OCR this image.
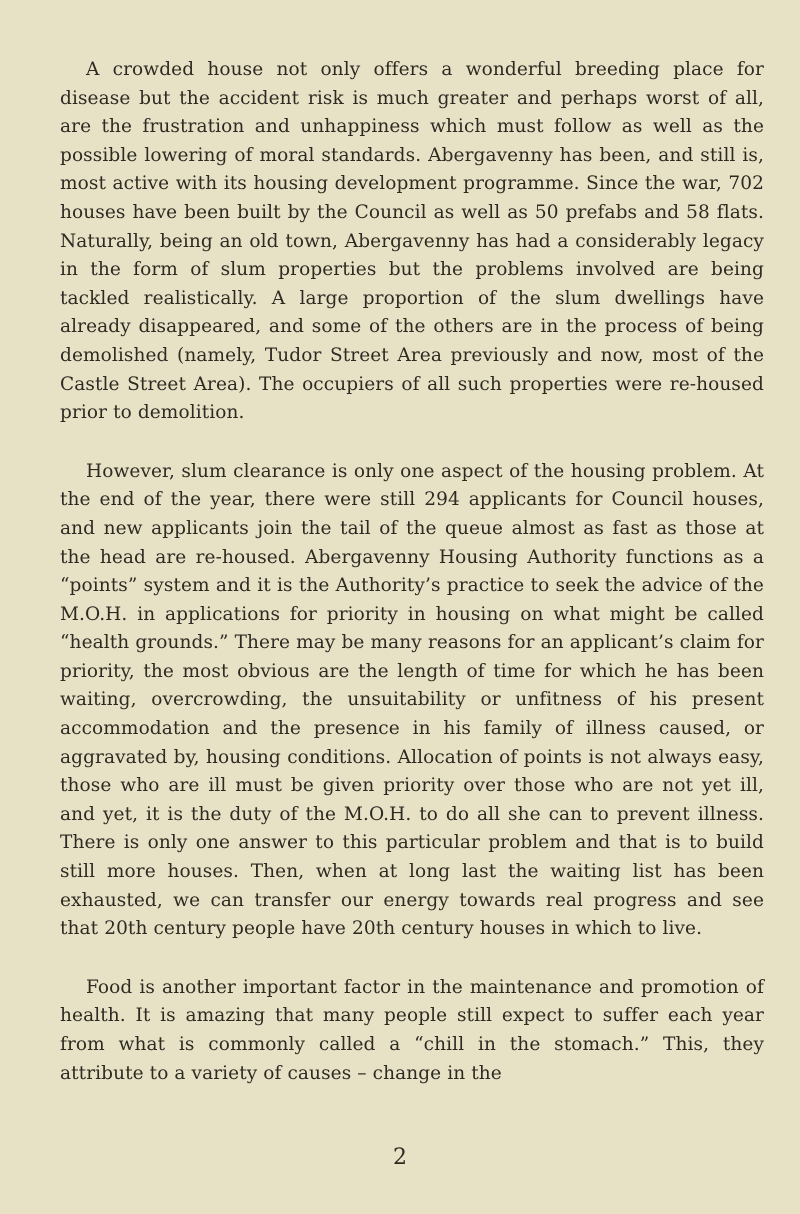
A crowded house not only offers a wonderful breeding place for disease but the accident risk is much greater and perhaps worst of all, are the frustration and unhappiness which must follow as well as the possible lowering of moral standards. Abergavenny has been, and still is, most active with its housing development programme. Since the war, 702 houses have been built by the Council as well as 50 prefabs and 58 flats. Naturally, being an old town, Abergavenny has had a considerably legacy in the form of slum properties but the problems involved are being tackled realistically. A large proportion of the slum dwellings have already disappeared, and some of the others are in the process of being demolished (namely, Tudor Street Area previously and now, most of the Castle Street Area). The occupiers of all such properties were re-housed prior to demolition.

However, slum clearance is only one aspect of the housing problem. At the end of the year, there were still 294 applicants for Council houses, and new applicants join the tail of the queue almost as fast as those at the head are re-housed. Abergavenny Housing Authority functions as a “points” system and it is the Authority’s practice to seek the advice of the M.O.H. in applications for priority in housing on what might be called “health grounds.” There may be many reasons for an applicant’s claim for priority, the most obvious are the length of time for which he has been waiting, overcrowding, the unsuitability or unfitness of his present accommodation and the presence in his family of illness caused, or aggravated by, housing conditions. Allocation of points is not always easy, those who are ill must be given priority over those who are not yet ill, and yet, it is the duty of the M.O.H. to do all she can to prevent illness. There is only one answer to this particular problem and that is to build still more houses. Then, when at long last the waiting list has been exhausted, we can transfer our energy towards real progress and see that 20th century people have 20th century houses in which to live.

Food is another important factor in the maintenance and promotion of health. It is amazing that many people still expect to suffer each year from what is commonly called a “chill in the stomach.” This, they attribute to a variety of causes – change in the

2
